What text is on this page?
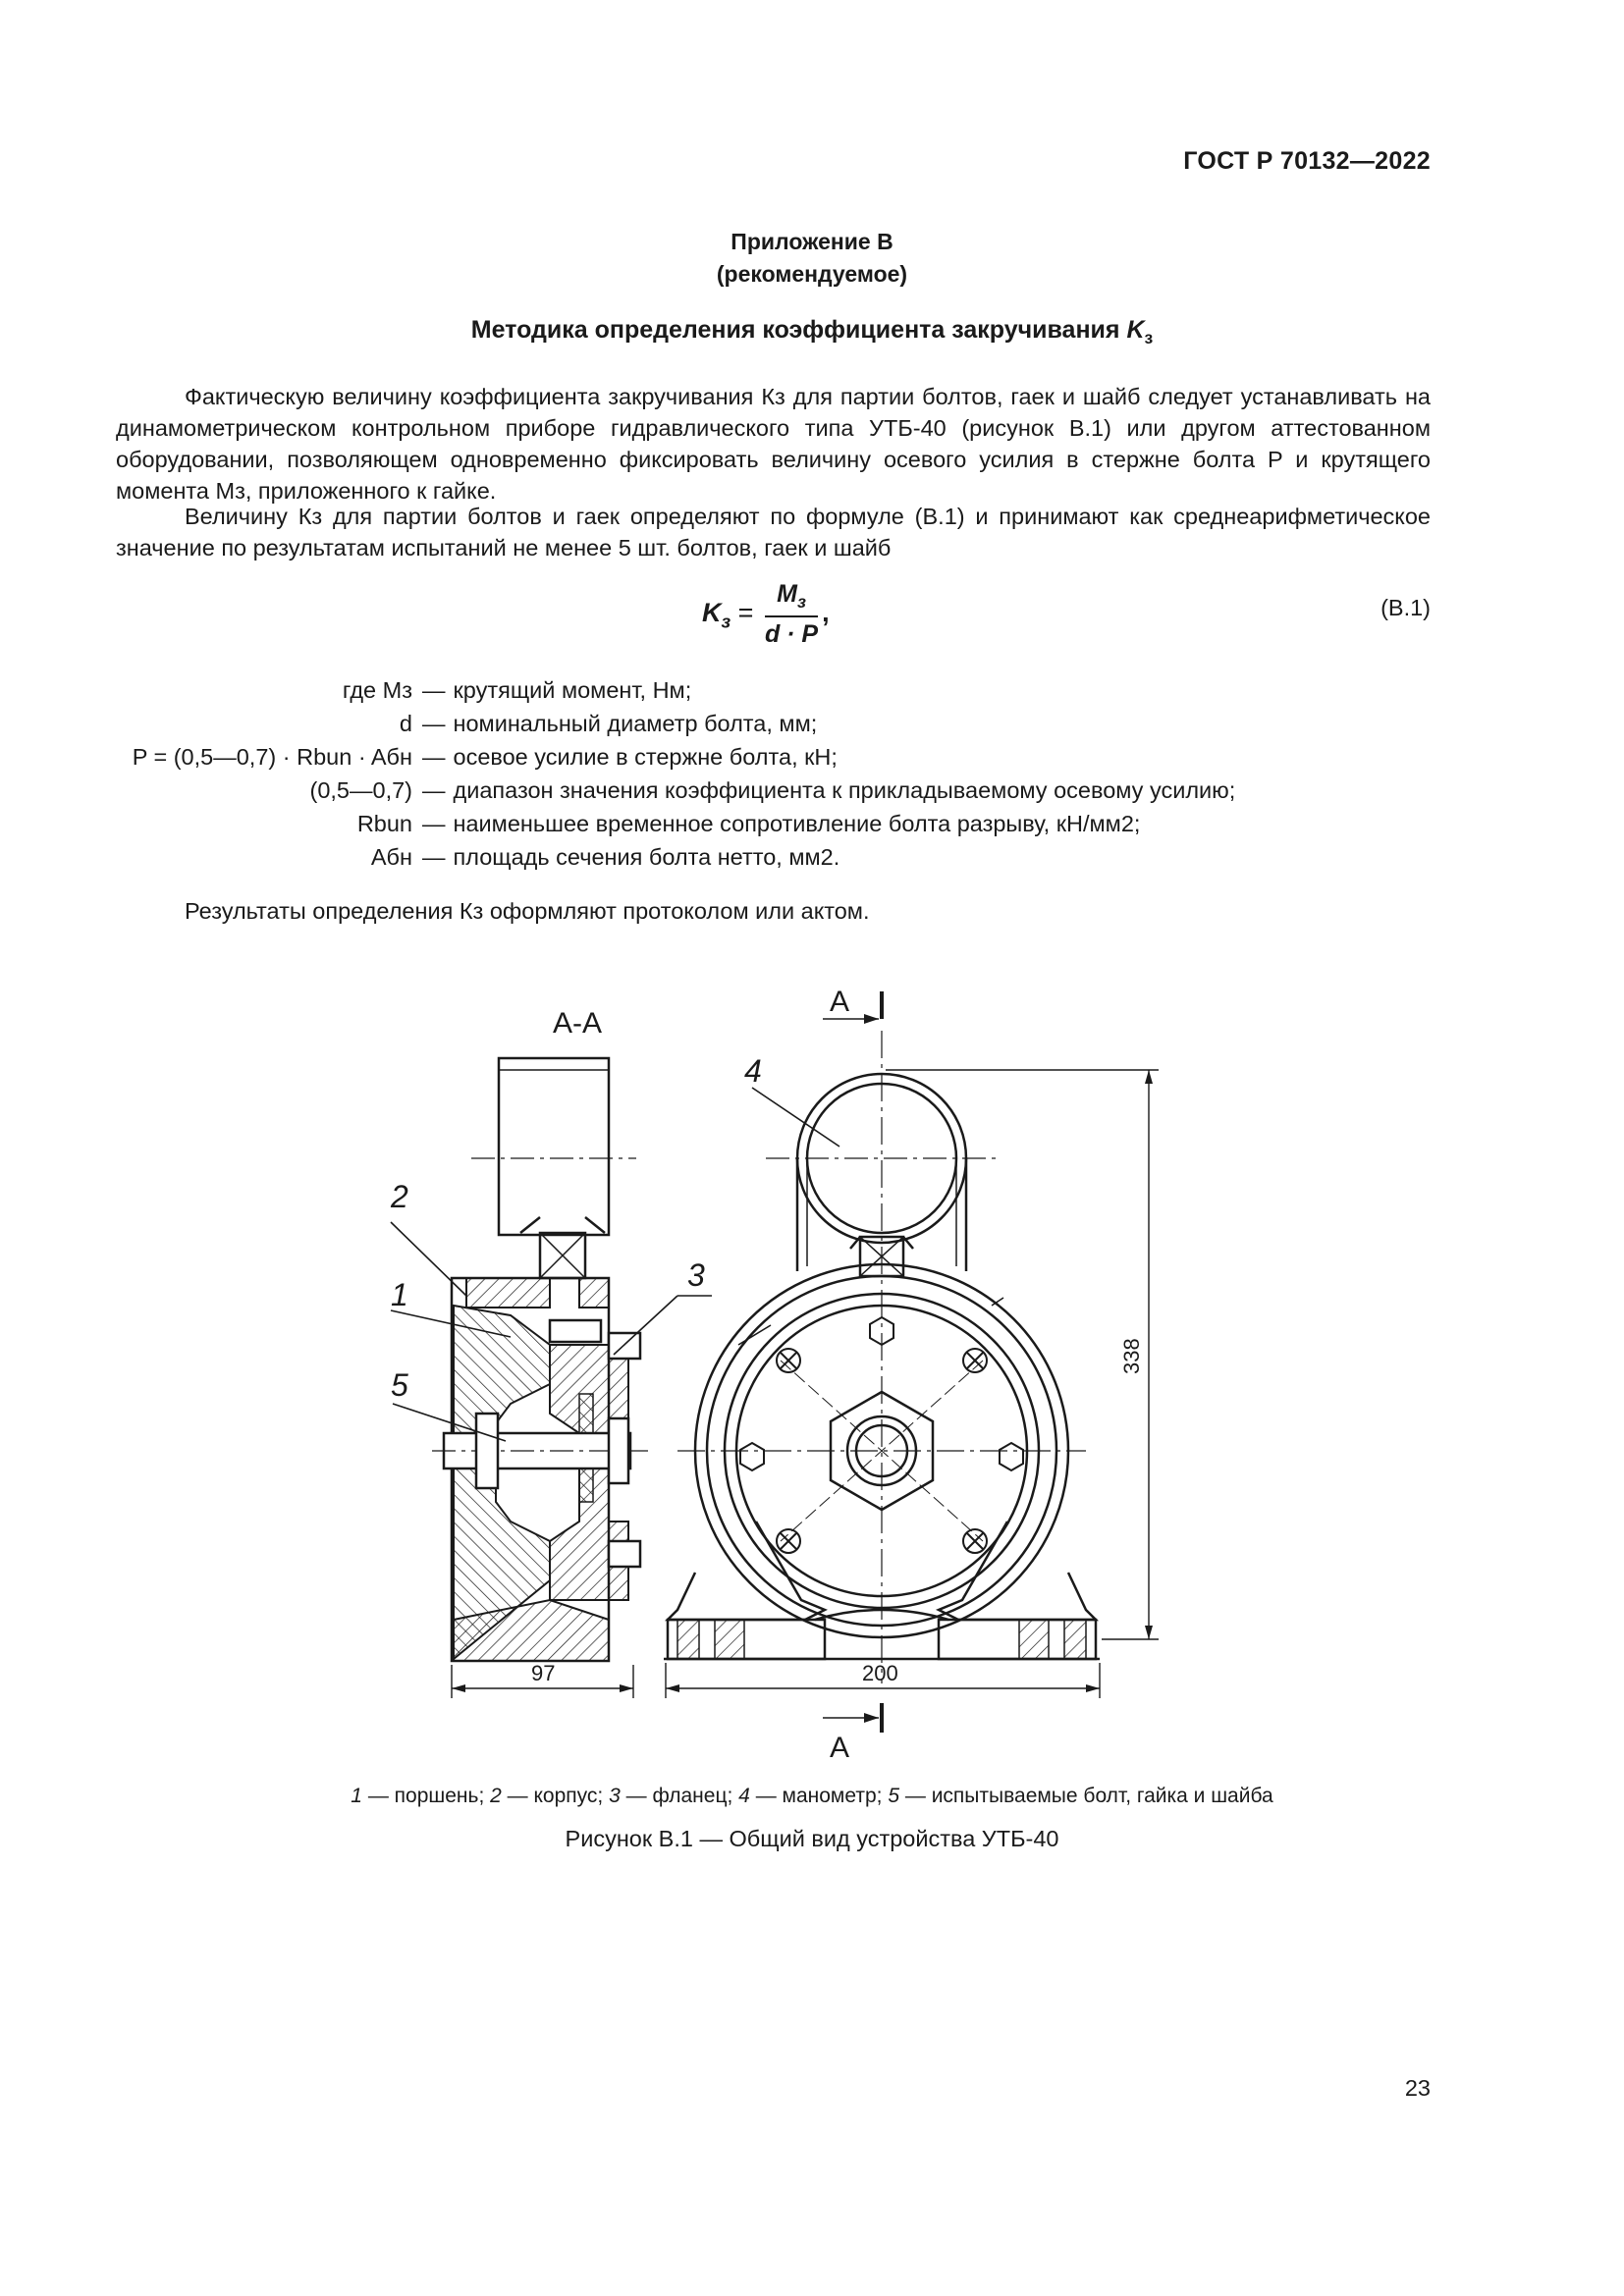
ГОСТ Р 70132—2022
Приложение В
(рекомендуемое)
Методика определения коэффициента закручивания $K_з$
Фактическую величину коэффициента закручивания Кз для партии болтов, гаек и шайб следует устанавливать на динамометрическом контрольном приборе гидравлического типа УТБ-40 (рисунок В.1) или другом аттестованном оборудовании, позволяющем одновременно фиксировать величину осевого усилия в стержне болта P и крутящего момента Mз, приложенного к гайке.
Величину Кз для партии болтов и гаек определяют по формуле (В.1) и принимают как среднеарифметическое значение по результатам испытаний не менее 5 шт. болтов, гаек и шайб
$K_з = \frac{M_з}{d \cdot P}$ ,	(В.1)
где Mз	—	крутящий момент, Нм;
d	—	номинальный диаметр болта, мм;
P = (0,5—0,7) · Rbun · Aбн	—	осевое усилие в стержне болта, кН;
(0,5—0,7)	—	диапазон значения коэффициента к прикладываемому осевому усилию;
Rbun	—	наименьшее временное сопротивление болта разрыву, кН/мм2;
Aбн	—	площадь сечения болта нетто, мм2.
Результаты определения Кз оформляют протоколом или актом.
А-А
97
2
1
3
5
4
А
А
200
338
1 — поршень; 2 — корпус; 3 — фланец; 4 — манометр; 5 — испытываемые болт, гайка и шайба
Рисунок В.1 — Общий вид устройства УТБ-40
23
